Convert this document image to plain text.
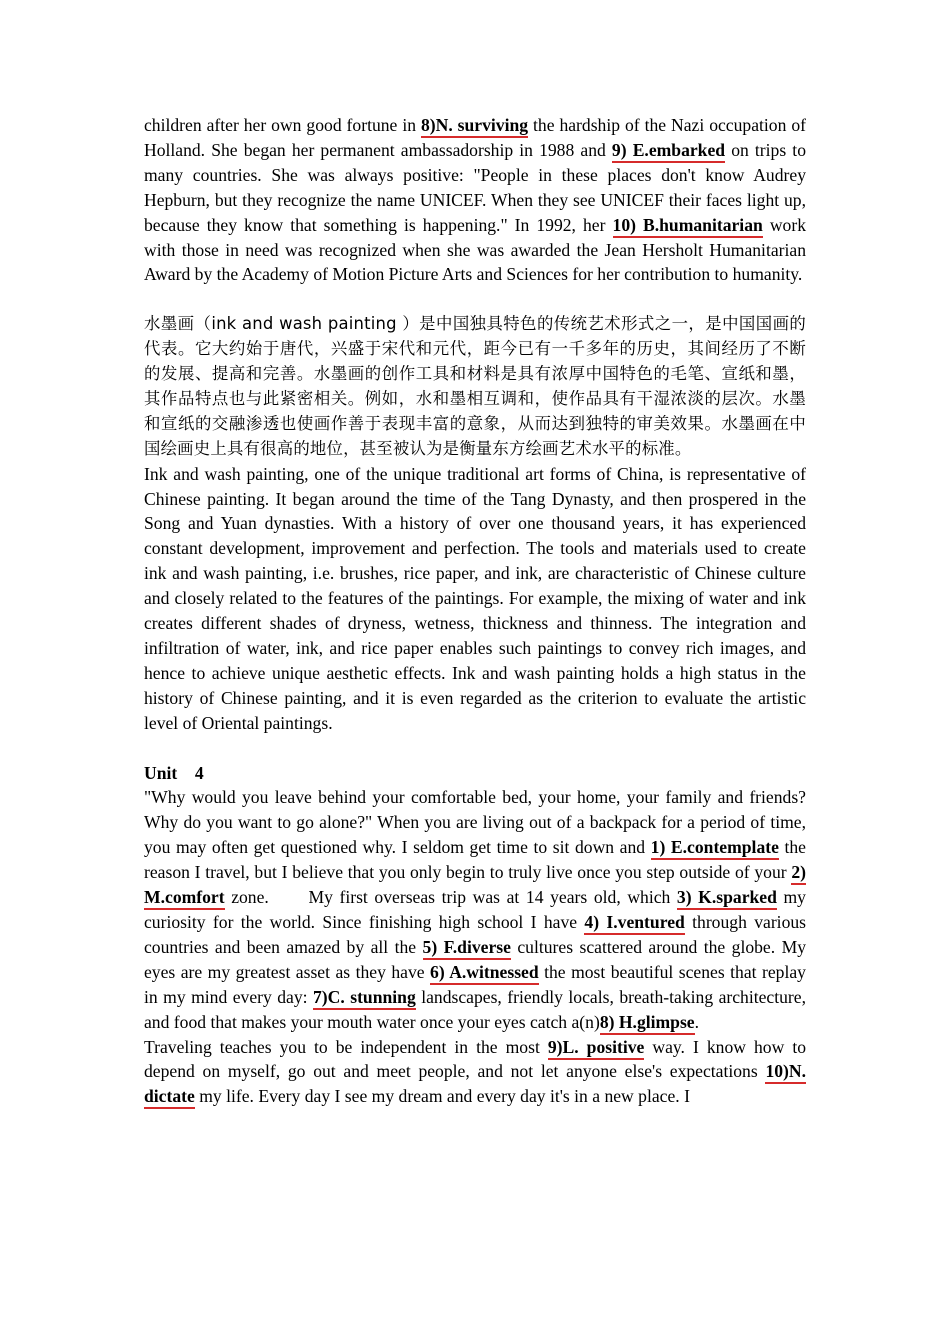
children after her own good fortune in 8)N. surviving the hardship of the Nazi occupation of Holland. She began her permanent ambassadorship in 1988 and 9) E.embarked on trips to many countries. She was always positive: "People in these places don't know Audrey Hepburn, but they recognize the name UNICEF. When they see UNICEF their faces light up, because they know that something is happening." In 1992, her 10) B.humanitarian work with those in need was recognized when she was awarded the Jean Hersholt Humanitarian Award by the Academy of Motion Picture Arts and Sciences for her contribution to humanity.

水墨画（ink and wash painting ）是中国独具特色的传统艺术形式之一，是中国国画的代表。它大约始于唐代，兴盛于宋代和元代，距今已有一千多年的历史，其间经历了不断的发展、提高和完善。水墨画的创作工具和材料是具有浓厚中国特色的毛笔、宣纸和墨，其作品特点也与此紧密相关。例如，水和墨相互调和，使作品具有干湿浓淡的层次。水墨和宣纸的交融渗透也使画作善于表现丰富的意象，从而达到独特的审美效果。水墨画在中国绘画史上具有很高的地位，甚至被认为是衡量东方绘画艺术水平的标准。

Ink and wash painting, one of the unique traditional art forms of China, is representative of Chinese painting. It began around the time of the Tang Dynasty, and then prospered in the Song and Yuan dynasties. With a history of over one thousand years, it has experienced constant development, improvement and perfection. The tools and materials used to create ink and wash painting, i.e. brushes, rice paper, and ink, are characteristic of Chinese culture and closely related to the features of the paintings. For example, the mixing of water and ink creates different shades of dryness, wetness, thickness and thinness. The integration and infiltration of water, ink, and rice paper enables such paintings to convey rich images, and hence to achieve unique aesthetic effects. Ink and wash painting holds a high status in the history of Chinese painting, and it is even regarded as the criterion to evaluate the artistic level of Oriental paintings.

Unit    4

"Why would you leave behind your comfortable bed, your home, your family and friends? Why do you want to go alone?" When you are living out of a backpack for a period of time, you may often get questioned why. I seldom get time to sit down and 1) E.contemplate the reason I travel, but I believe that you only begin to truly live once you step outside of your 2) M.comfort zone.      My first overseas trip was at 14 years old, which 3) K.sparked my curiosity for the world. Since finishing high school I have 4) I.ventured through various countries and been amazed by all the 5) F.diverse cultures scattered around the globe. My eyes are my greatest asset as they have 6) A.witnessed the most beautiful scenes that replay in my mind every day: 7)C. stunning landscapes, friendly locals, breath-taking architecture, and food that makes your mouth water once your eyes catch a(n)8) H.glimpse.

Traveling teaches you to be independent in the most 9)L. positive way. I know how to depend on myself, go out and meet people, and not let anyone else's expectations 10)N. dictate my life. Every day I see my dream and every day it's in a new place. I
